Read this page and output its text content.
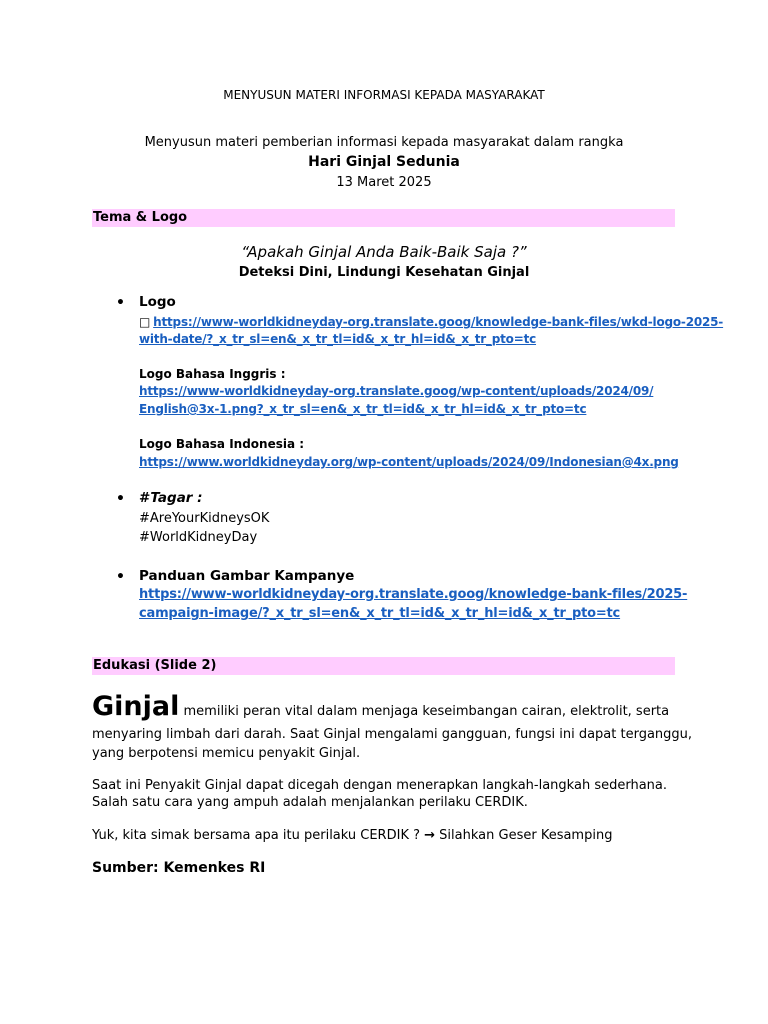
MENYUSUN MATERI INFORMASI KEPADA MASYARAKAT
Menyusun materi pemberian informasi kepada masyarakat dalam rangka
Hari Ginjal Sedunia
13 Maret 2025
Tema & Logo
“Apakah Ginjal Anda Baik-Baik Saja ?”
Deteksi Dini, Lindungi Kesehatan Ginjal
• Logo
□ https://www-worldkidneyday-org.translate.goog/knowledge-bank-files/wkd-logo-2025-
with-date/?_x_tr_sl=en&_x_tr_tl=id&_x_tr_hl=id&_x_tr_pto=tc
Logo Bahasa Inggris :
https://www-worldkidneyday-org.translate.goog/wp-content/uploads/2024/09/
English@3x-1.png?_x_tr_sl=en&_x_tr_tl=id&_x_tr_hl=id&_x_tr_pto=tc
Logo Bahasa Indonesia :
https://www.worldkidneyday.org/wp-content/uploads/2024/09/Indonesian@4x.png
• #Tagar :
#AreYourKidneysOK
#WorldKidneyDay
• Panduan Gambar Kampanye
https://www-worldkidneyday-org.translate.goog/knowledge-bank-files/2025-
campaign-image/?_x_tr_sl=en&_x_tr_tl=id&_x_tr_hl=id&_x_tr_pto=tc
Edukasi (Slide 2)
Ginjal memiliki peran vital dalam menjaga keseimbangan cairan, elektrolit, serta
menyaring limbah dari darah. Saat Ginjal mengalami gangguan, fungsi ini dapat terganggu,
yang berpotensi memicu penyakit Ginjal.
Saat ini Penyakit Ginjal dapat dicegah dengan menerapkan langkah-langkah sederhana.
Salah satu cara yang ampuh adalah menjalankan perilaku CERDIK.
Yuk, kita simak bersama apa itu perilaku CERDIK ? → Silahkan Geser Kesamping
Sumber: Kemenkes RI
